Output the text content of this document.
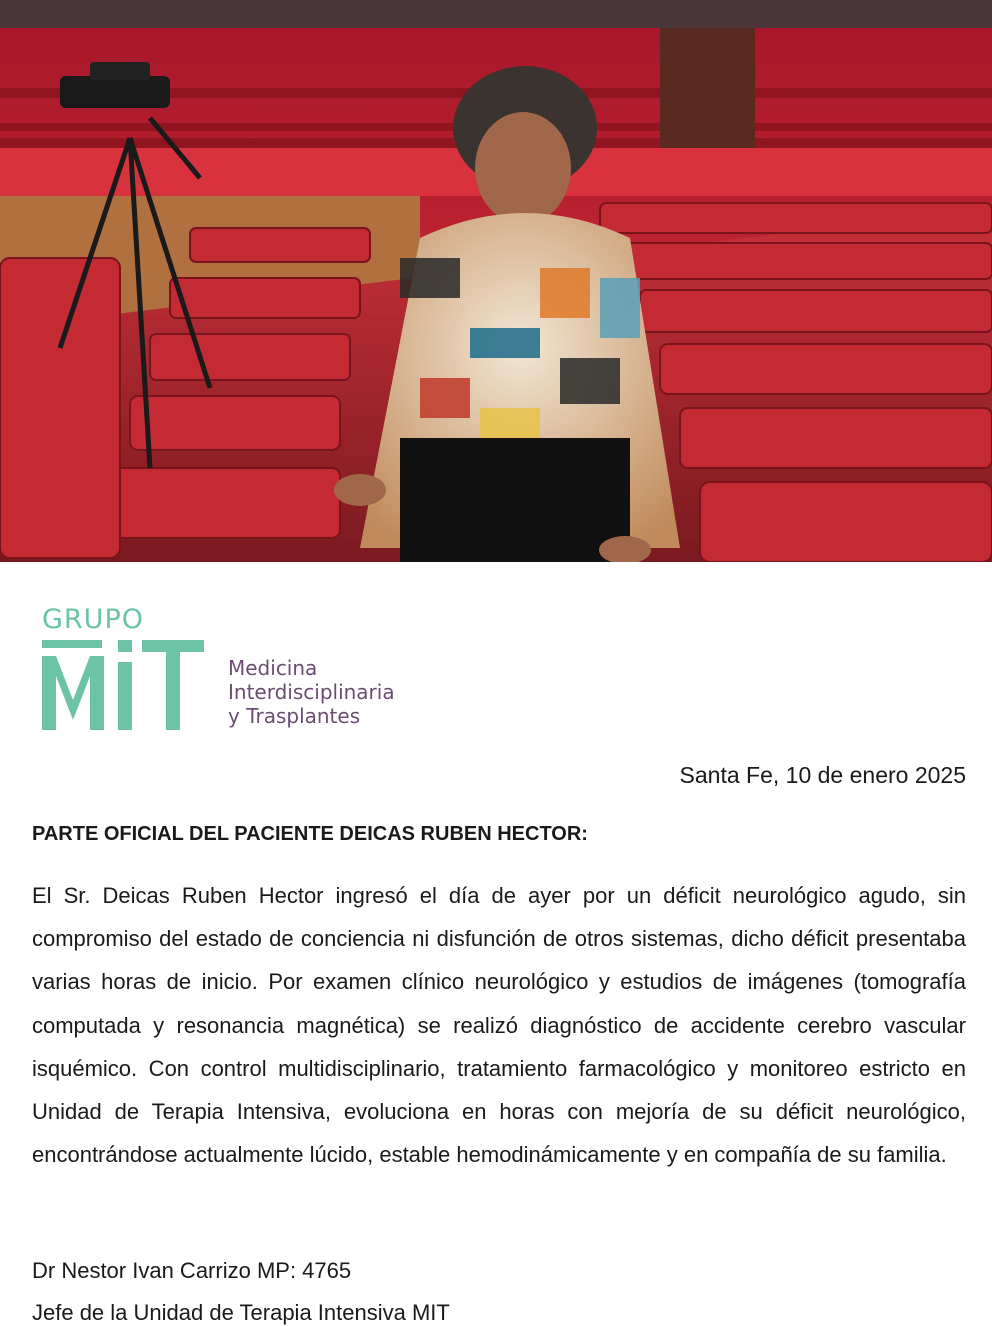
GRUPO
Medicina
Interdisciplinaria
y Trasplantes
Santa Fe, 10 de enero 2025
PARTE OFICIAL DEL PACIENTE DEICAS RUBEN HECTOR:
El Sr. Deicas Ruben Hector ingresó el día de ayer por un déficit neurológico agudo, sin compromiso del estado de conciencia ni disfunción de otros sistemas, dicho déficit presentaba varias horas de inicio. Por examen clínico neurológico y estudios de imágenes (tomografía computada y resonancia magnética) se realizó diagnóstico de accidente cerebro vascular isquémico. Con control multidisciplinario, tratamiento farmacológico y monitoreo estricto en Unidad de Terapia Intensiva, evoluciona en horas con mejoría de su déficit neurológico, encontrándose actualmente lúcido, estable hemodinámicamente y en compañía de su familia.
Dr Nestor Ivan Carrizo MP: 4765
Jefe de la Unidad de Terapia Intensiva MIT
